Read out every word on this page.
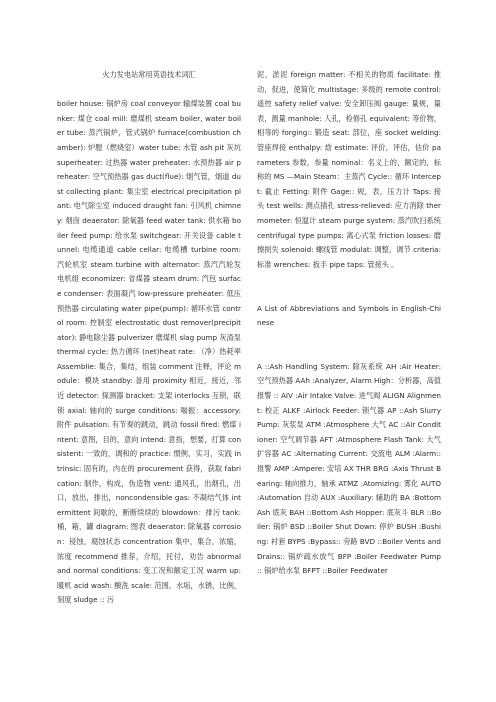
火力发电站常用英语技术词汇

boiler house: 锅炉房 coal conveyor 输煤装置 coal bunker: 煤仓 coal mill: 磨煤机 steam boiler, water boiler tube: 蒸汽锅炉，管式锅炉 furnace(combustion chamber): 炉膛（燃烧室）water tube: 水管 ash pit 灰坑 superheater: 过热器 water preheater: 水预热器 air preheater: 空气预热器 gas duct(flue): 烟气管，烟道 dust collecting plant: 集尘室 electrical precipitation plant: 电气除尘室 induced draught fan: 引风机 chimney: 烟囱 deaerator: 除氧器 feed water tank: 供水箱 boiler feed pump: 给水泵 switchgear: 开关设备 cable tunnel: 电缆通道 cable cellar: 电缆槽 turbine room: 汽轮机室 steam turbine with alternator: 蒸汽汽轮发电机组 economizer: 省煤器 steam drum: 汽包 surface condenser: 表面凝汽 low-pressure preheater: 低压预热器 circulating water pipe(pump): 循环水管 control room: 控制室 electrostatic dust remover(precipitator): 静电除尘器 pulverizer 磨煤机 slag pump 灰渣泵 thermal cycle: 热力循环 (net)heat rate: （净）热耗率 Assemblie: 集合，集结，组装 comment 注释，评论 module：模块 standby: 备用 proximity 相近，接近，邻近 detector: 探测器 bracket: 支架 interlocks 互锁，联锁 axial: 轴向的 surge conditions: 喘振：accessory: 附件 pulsation: 有节奏的跳动，跳动 fossil fired: 燃煤 intent: 意图，目的，意向 intend: 意指，想要，打算 consistent: 一致的，调和的 practice: 惯例，实习，实践 intrinsic: 固有的，内在的 procurement 获得，获取 fabrication: 制作，构成，伪造物 vent: 通风孔，出烟孔，出口，放出，排出，noncondensible gas: 不凝结气体 intermittent 间歇的，断断续续的 blowdown：排污 tank: 桶，箱，罐 diagram: 图表 deaerator: 除氧器 corrosion：侵蚀，腐蚀状态 concentration 集中，集合，浓缩，浓度 recommend 推荐，介绍，托付，劝告 abnormal and normal conditions: 变工况和额定工况 warm up: 暖机 acid wash: 酸洗 scale: 范围，水垢，水锈，比例，刻度 sludge :: 污

泥，淤泥 foreign matter: 不相关的物质 facilitate: 推动，促进，使简化 multistage: 多级的 remote control: 遥控 safety relief valve: 安全卸压阀 gauge: 量规，量表，测量 manhole: 人孔，检修孔 equivalent: 等价物，相等的 forging:: 锻造 seat: 部位，座 socket welding: 管座焊接 enthalpy: 焓 estimate: 评价，评估，估价 parameters 参数，参量 nominal：名义上的，额定的，标称的 MS —Main Steam：主蒸汽 Cycle:: 循环 Intercept: 截止 Fetting: 附件 Gage:: 规，表，压力计 Taps: 接头 test wells: 测点插孔 stress-relieved: 应力消除 thermometer: 恒温计 steam purge system: 蒸汽吹扫系统 centrifugal type pumps: 离心式泵 friction losses: 磨擦损失 solenoid: 螺线管 modulat: 调整，调节 criteria: 标准 wrenches: 扳手 pipe taps: 管接头 。

A List of Abbreviations and Symbols in English-Chinese

A ::Ash Handling System: 除灰系统 AH :Air Heater: 空气预热器 AAh :Analyzer, Alarm High：分析器，高值报警 :: AIV :Air Intake Valve: 进气阀 ALIGN Alignment: 校正 ALKF :Airlock Feeder: 锁气器 AP ::Ash Slurry Pump: 灰浆泵 ATM :Atmosphere 大气 AC ::Air Conditioner: 空气调节器 AFT :Atmosphere Flash Tank: 大气扩容器 AC :Alternating Current: 交流电 ALM :Alarm:: 报警 AMP :Ampere: 安培 AX THR BRG :Axis Thrust Bearing: 轴向推力，轴承 ATMZ :Atomizing: 雾化 AUTO :Automation 自动 AUX :Auxiliary: 辅助的 BA :Bottom Ash 底灰 BAH ::Bottom Ash Hopper: 底灰斗 BLR ::Boiler: 锅炉 BSD ::Boiler Shut Down: 停炉 BUSH :Bushing: 衬套 BYPS :Bypass:: 旁路 BVD ::Boiler Vents and Drains:: 锅炉疏水放气 BFP :Boiler Feedwater Pump :: 锅炉给水泵 BFPT ::Boiler Feedwater
